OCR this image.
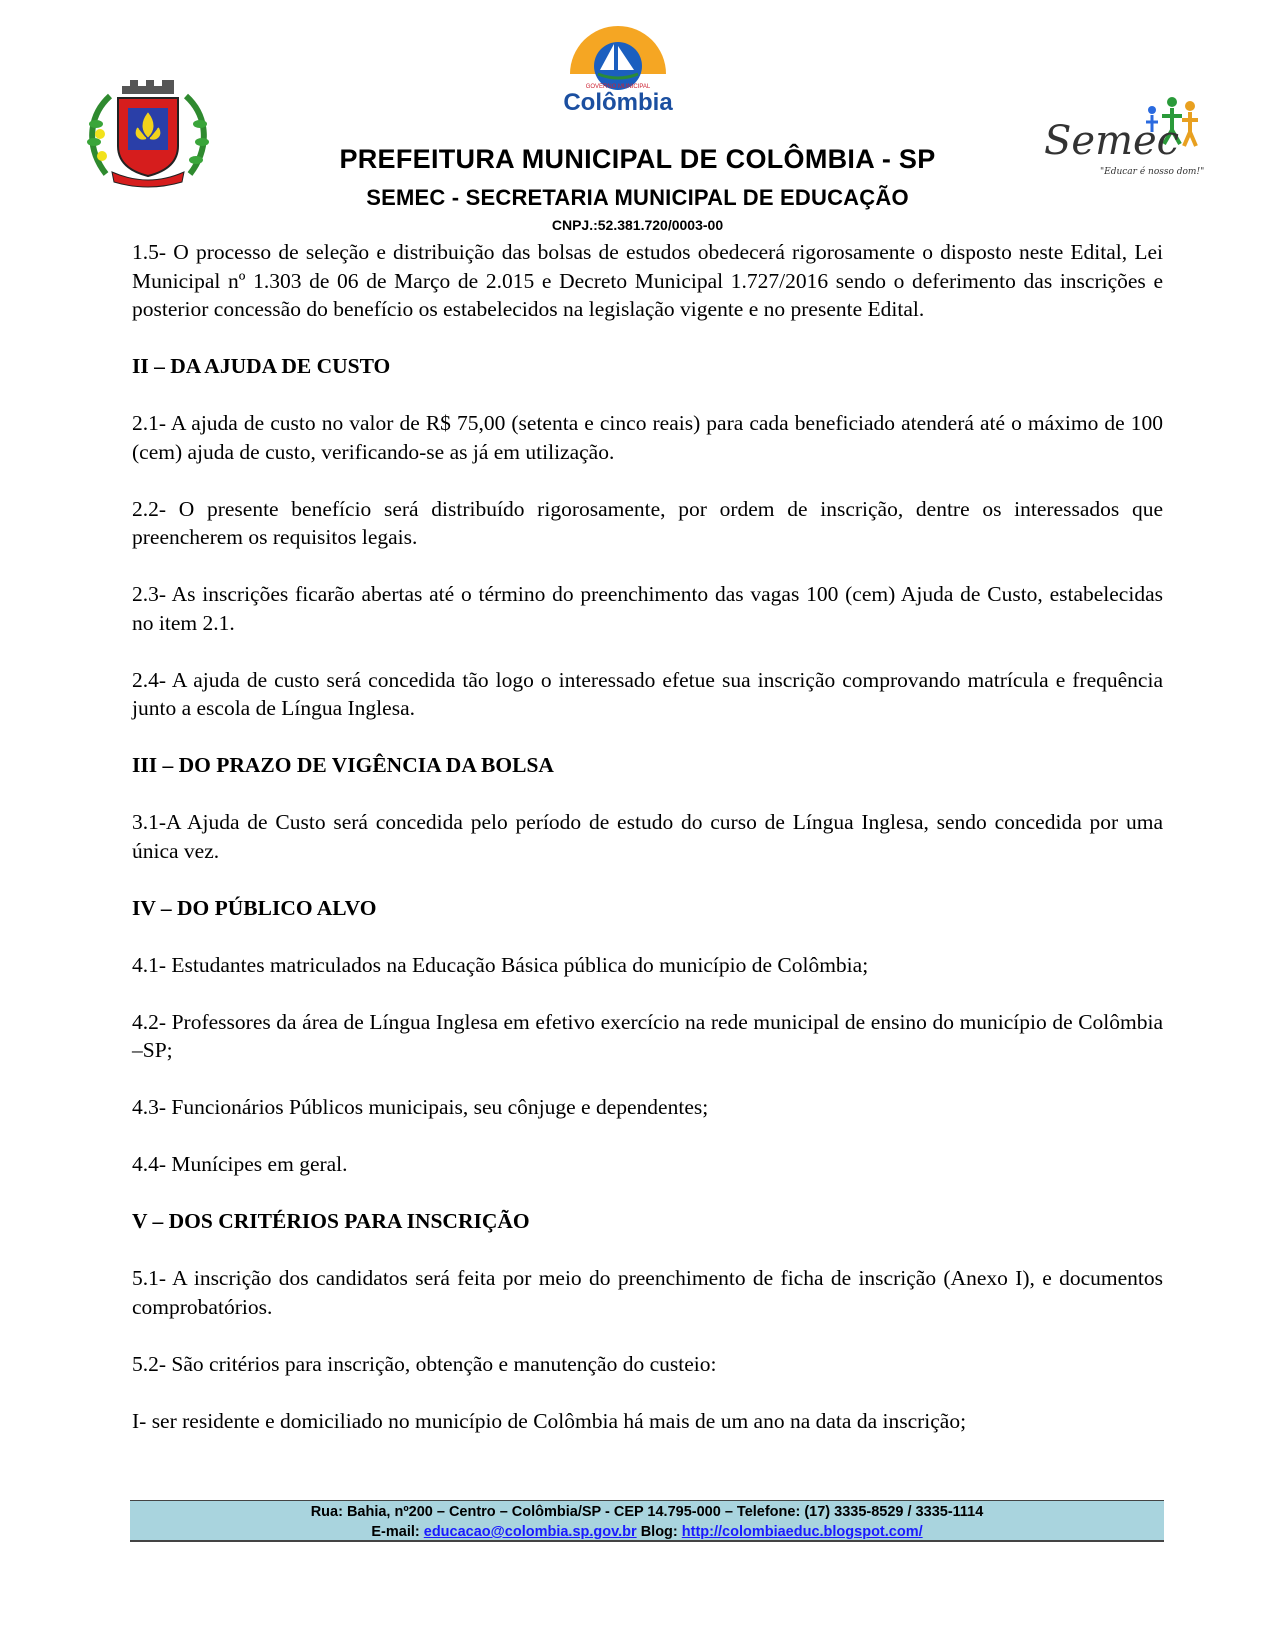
GOVERNO MUNICIPAL
Colômbia
Semec
"Educar é nosso dom!"
PREFEITURA MUNICIPAL DE COLÔMBIA - SP
SEMEC - SECRETARIA MUNICIPAL DE EDUCAÇÃO
CNPJ.:52.381.720/0003-00

1.5- O processo de seleção e distribuição das bolsas de estudos obedecerá rigorosamente o disposto neste Edital, Lei Municipal nº 1.303 de 06 de Março de 2.015 e Decreto Municipal 1.727/2016 sendo o deferimento das inscrições e posterior concessão do benefício os estabelecidos na legislação vigente e no presente Edital.

II – DA AJUDA DE CUSTO

2.1- A ajuda de custo no valor de R$ 75,00 (setenta e cinco reais) para cada beneficiado atenderá até o máximo de 100 (cem) ajuda de custo, verificando-se as já em utilização.

2.2- O presente benefício será distribuído rigorosamente, por ordem de inscrição, dentre os interessados que preencherem os requisitos legais.

2.3- As inscrições ficarão abertas até o término do preenchimento das vagas 100 (cem) Ajuda de Custo, estabelecidas no item 2.1.

2.4- A ajuda de custo será concedida tão logo o interessado efetue sua inscrição comprovando matrícula e frequência junto a escola de Língua Inglesa.

III – DO PRAZO DE VIGÊNCIA DA BOLSA

3.1-A Ajuda de Custo será concedida pelo período de estudo do curso de Língua Inglesa, sendo concedida por uma única vez.

IV – DO PÚBLICO ALVO

4.1- Estudantes matriculados na Educação Básica pública do município de Colômbia;

4.2- Professores da área de Língua Inglesa em efetivo exercício na rede municipal de ensino do município de Colômbia –SP;

4.3- Funcionários Públicos municipais, seu cônjuge e dependentes;

4.4- Munícipes em geral.

V – DOS CRITÉRIOS PARA INSCRIÇÃO

5.1- A inscrição dos candidatos será feita por meio do preenchimento de ficha de inscrição (Anexo I), e documentos comprobatórios.

5.2- São critérios para inscrição, obtenção e manutenção do custeio:

I- ser residente e domiciliado no município de Colômbia há mais de um ano na data da inscrição;

Rua: Bahia, nº200 – Centro – Colômbia/SP - CEP 14.795-000 – Telefone: (17) 3335-8529 / 3335-1114
E-mail: educacao@colombia.sp.gov.br Blog: http://colombiaeduc.blogspot.com/
